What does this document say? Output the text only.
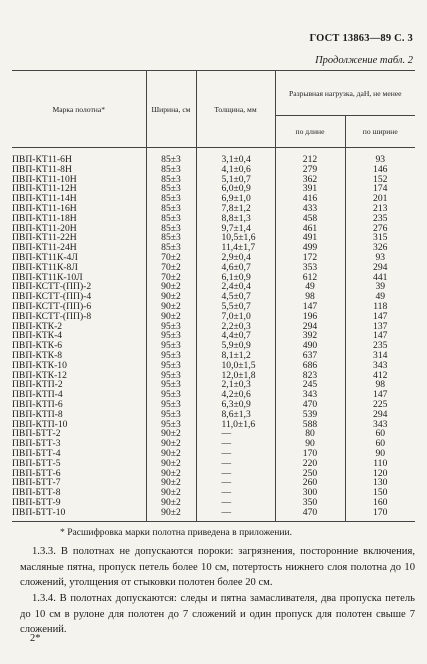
ГОСТ 13863—89 С. 3
Продолжение табл. 2
Марка полотна*	Ширина, см	Толщина, мм	Разрывная нагрузка, даН, не менее	
			по длине	по ширине
ПВП-КТ11-6Н	85±3	3,1±0,4	212	93
ПВП-КТ11-8Н	85±3	4,1±0,6	279	146
ПВП-КТ11-10Н	85±3	5,1±0,7	362	152
ПВП-КТ11-12Н	85±3	6,0±0,9	391	174
ПВП-КТ11-14Н	85±3	6,9±1,0	416	201
ПВП-КТ11-16Н	85±3	7,8±1,2	433	213
ПВП-КТ11-18Н	85±3	8,8±1,3	458	235
ПВП-КТ11-20Н	85±3	9,7±1,4	461	276
ПВП-КТ11-22Н	85±3	10,5±1,6	491	315
ПВП-КТ11-24Н	85±3	11,4±1,7	499	326
ПВП-КТ11К-4Л	70±2	2,9±0,4	172	93
ПВП-КТ11К-8Л	70±2	4,6±0,7	353	294
ПВП-КТ11К-10Л	70±2	6,1±0,9	612	441
ПВП-КСТТ-(ПП)-2	90±2	2,4±0,4	49	39
ПВП-КСТТ-(ПП)-4	90±2	4,5±0,7	98	49
ПВП-КСТТ-(ПП)-6	90±2	5,5±0,7	147	118
ПВП-КСТТ-(ПП)-8	90±2	7,0±1,0	196	147
ПВП-КТК-2	95±3	2,2±0,3	294	137
ПВП-КТК-4	95±3	4,4±0,7	392	147
ПВП-КТК-6	95±3	5,9±0,9	490	235
ПВП-КТК-8	95±3	8,1±1,2	637	314
ПВП-КТК-10	95±3	10,0±1,5	686	343
ПВП-КТК-12	95±3	12,0±1,8	823	412
ПВП-КТП-2	95±3	2,1±0,3	245	98
ПВП-КТП-4	95±3	4,2±0,6	343	147
ПВП-КТП-6	95±3	6,3±0,9	470	225
ПВП-КТП-8	95±3	8,6±1,3	539	294
ПВП-КТП-10	95±3	11,0±1,6	588	343
ПВП-БТТ-2	90±2	—	80	60
ПВП-БТТ-3	90±2	—	90	60
ПВП-БТТ-4	90±2	—	170	90
ПВП-БТТ-5	90±2	—	220	110
ПВП-БТТ-6	90±2	—	250	120
ПВП-БТТ-7	90±2	—	260	130
ПВП-БТТ-8	90±2	—	300	150
ПВП-БТТ-9	90±2	—	350	160
ПВП-БТТ-10	90±2	—	470	170
* Расшифровка марки полотна приведена в приложении.
1.3.3. В полотнах не допускаются пороки: загрязнения, посторонние включения, масляные пятна, пропуск петель более 10 см, потертость нижнего слоя полотна до 10 сложений, утолщения от стыковки полотен более 20 см.
1.3.4. В полотнах допускаются: следы и пятна замасливателя, два пропуска петель до 10 см в рулоне для полотен до 7 сложений и один пропуск для полотен свыше 7 сложений.
2*
